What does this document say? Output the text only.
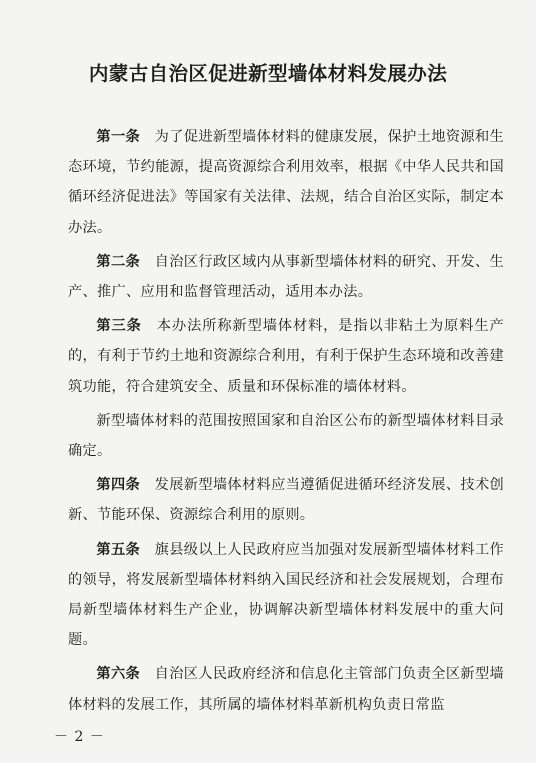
内蒙古自治区促进新型墙体材料发展办法

第一条　 为了促进新型墙体材料的健康发展，保护土地资源和生态环境，节约能源，提高资源综合利用效率，根据《中华人民共和国循环经济促进法》等国家有关法律、法规，结合自治区实际，制定本办法。

第二条　 自治区行政区域内从事新型墙体材料的研究、开发、生产、推广、应用和监督管理活动，适用本办法。

第三条　 本办法所称新型墙体材料，是指以非粘土为原料生产的，有利于节约土地和资源综合利用，有利于保护生态环境和改善建筑功能，符合建筑安全、质量和环保标准的墙体材料。

新型墙体材料的范围按照国家和自治区公布的新型墙体材料目录确定。

第四条　 发展新型墙体材料应当遵循促进循环经济发展、技术创新、节能环保、资源综合利用的原则。

第五条　 旗县级以上人民政府应当加强对发展新型墙体材料工作的领导，将发展新型墙体材料纳入国民经济和社会发展规划，合理布局新型墙体材料生产企业，协调解决新型墙体材料发展中的重大问题。

第六条　 自治区人民政府经济和信息化主管部门负责全区新型墙体材料的发展工作，其所属的墙体材料革新机构负责日常监

－ 2 －
